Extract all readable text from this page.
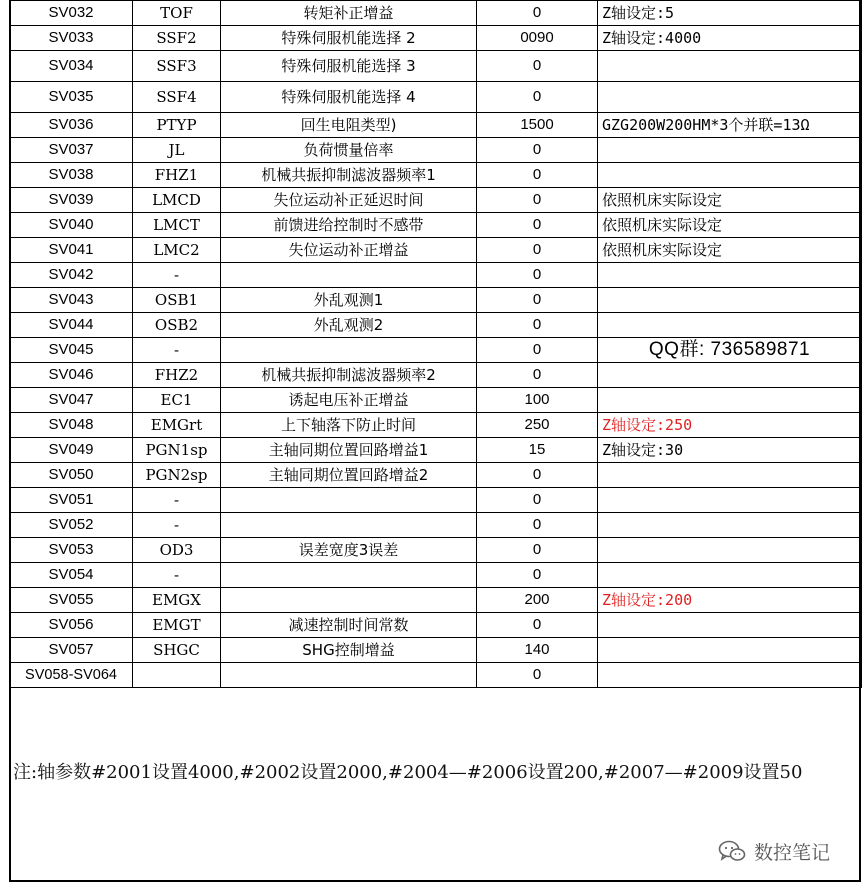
SV032	TOF	转矩补正增益	0	Z轴设定:5
SV033	SSF2	特殊伺服机能选择 2	0090	Z轴设定:4000
SV034	SSF3	特殊伺服机能选择 3	0	
SV035	SSF4	特殊伺服机能选择 4	0	
SV036	PTYP	回生电阻类型)	1500	GZG200W200HM*3个并联=13Ω
SV037	JL	负荷惯量倍率	0	
SV038	FHZ1	机械共振抑制滤波器频率1	0	
SV039	LMCD	失位运动补正延迟时间	0	依照机床实际设定
SV040	LMCT	前馈进给控制时不感带	0	依照机床实际设定
SV041	LMC2	失位运动补正增益	0	依照机床实际设定
SV042	-		0	
SV043	OSB1	外乱观测1	0	
SV044	OSB2	外乱观测2	0	
SV045	-		0	QQ群: 736589871
SV046	FHZ2	机械共振抑制滤波器频率2	0	
SV047	EC1	诱起电压补正增益	100	
SV048	EMGrt	上下轴落下防止时间	250	Z轴设定:250
SV049	PGN1sp	主轴同期位置回路增益1	15	Z轴设定:30
SV050	PGN2sp	主轴同期位置回路增益2	0	
SV051	-		0	
SV052	-		0	
SV053	OD3	误差宽度3误差	0	
SV054	-		0	
SV055	EMGX		200	Z轴设定:200
SV056	EMGT	减速控制时间常数	0	
SV057	SHGC	SHG控制增益	140	
SV058-SV064			0	
注:轴参数#2001设置4000,#2002设置2000,#2004—#2006设置200,#2007—#2009设置50
数控笔记
